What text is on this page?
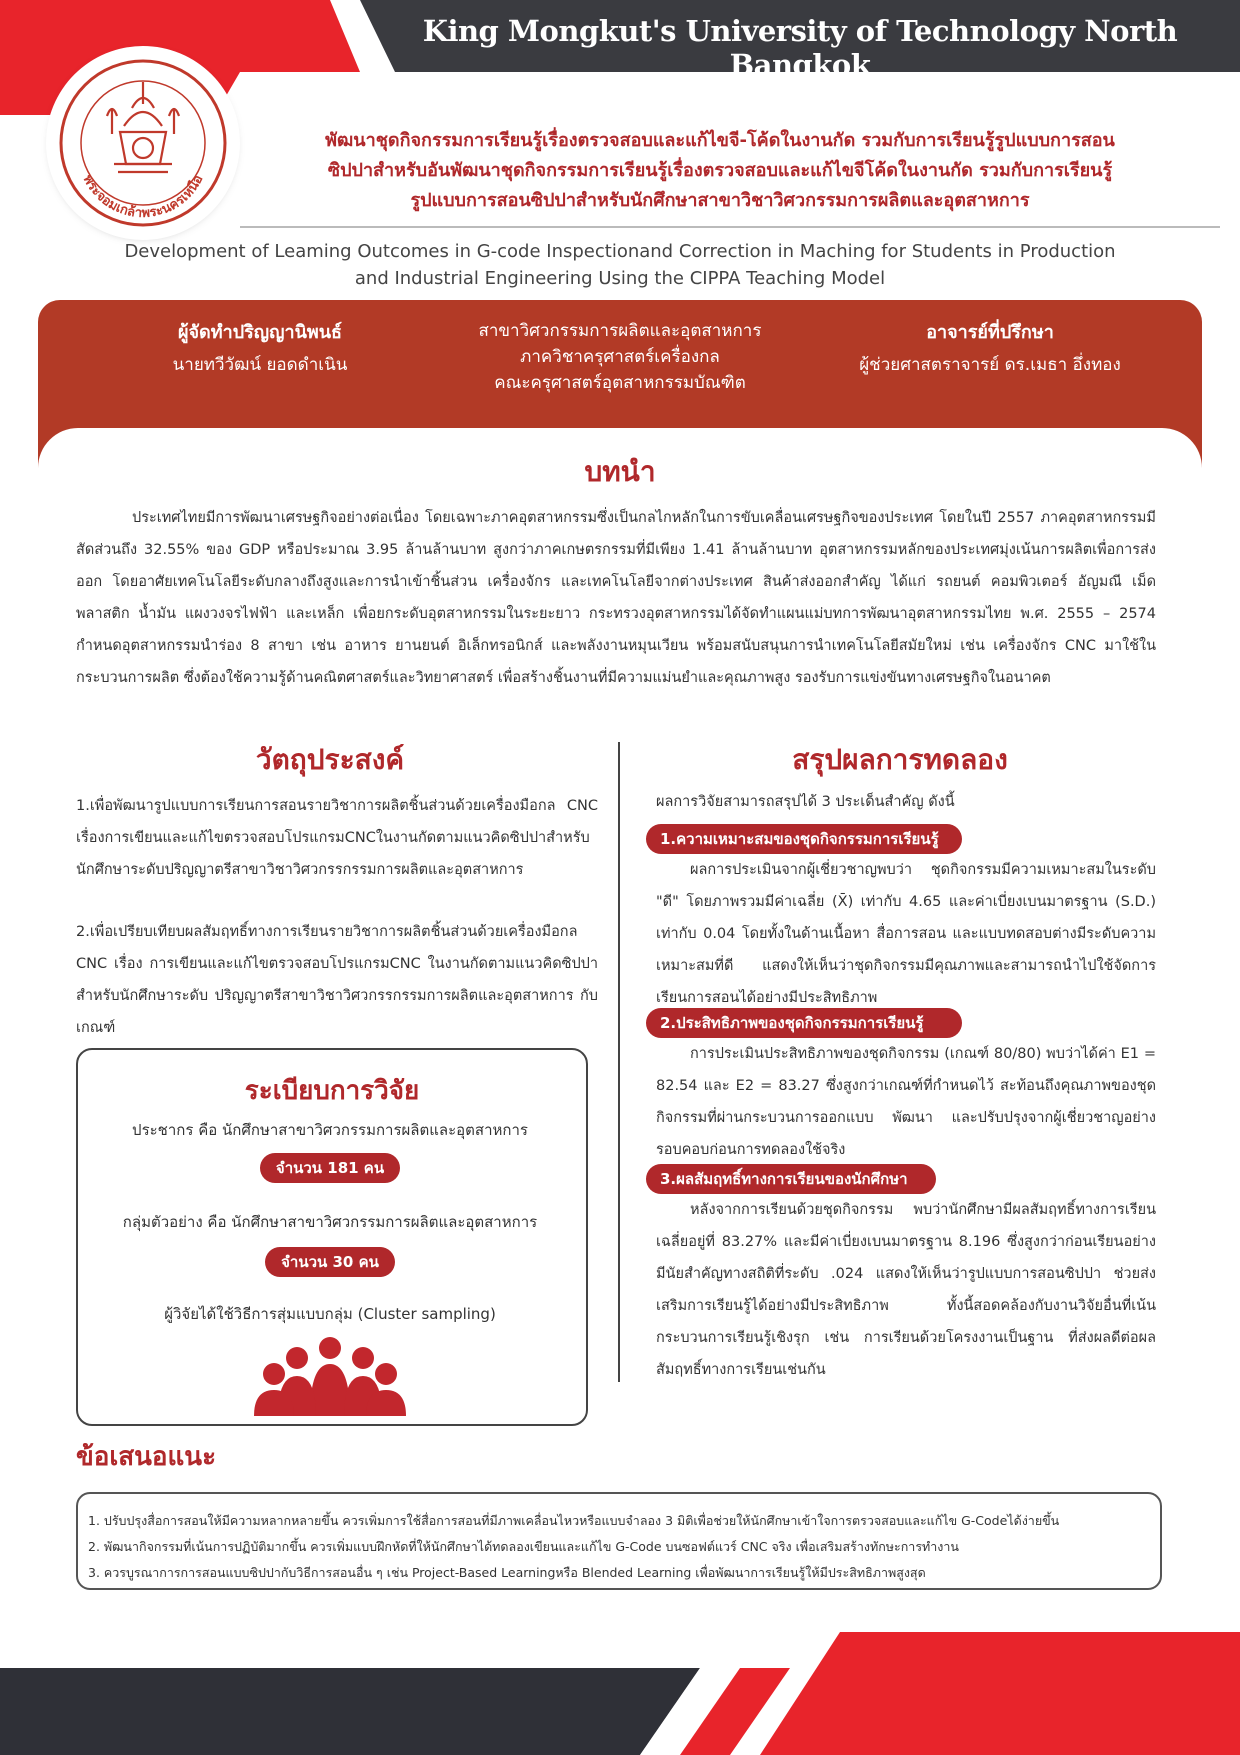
King Mongkut's University of Technology North Bangkok
พระจอมเกล้าพระนครเหนือ
พัฒนาชุดกิจกรรมการเรียนรู้เรื่องตรวจสอบและแก้ไขจี-โค้ดในงานกัด รวมกับการเรียนรู้รูปแบบการสอน
ซิปปาสำหรับอันพัฒนาชุดกิจกรรมการเรียนรู้เรื่องตรวจสอบและแก้ไขจีโค้ดในงานกัด รวมกับการเรียนรู้
รูปแบบการสอนซิปปาสำหรับนักศึกษาสาขาวิชาวิศวกรรมการผลิตและอุตสาหการ
Development of Leaming Outcomes in G-code Inspectionand Correction in Maching for Students in Production
and Industrial Engineering Using the CIPPA Teaching Model
ผู้จัดทำปริญญานิพนธ์
นายทวีวัฒน์ ยอดดำเนิน
สาขาวิศวกรรมการผลิตและอุตสาหการ
ภาควิชาครุศาสตร์เครื่องกล
คณะครุศาสตร์อุตสาหกรรมบัณฑิต
อาจารย์ที่ปรึกษา
ผู้ช่วยศาสตราจารย์ ดร.เมธา อึ่งทอง
บทนำ
ประเทศไทยมีการพัฒนาเศรษฐกิจอย่างต่อเนื่อง โดยเฉพาะภาคอุตสาหกรรมซึ่งเป็นกลไกหลักในการขับเคลื่อนเศรษฐกิจของประเทศ โดยในปี 2557 ภาคอุตสาหกรรมมีสัดส่วนถึง 32.55% ของ GDP หรือประมาณ 3.95 ล้านล้านบาท สูงกว่าภาคเกษตรกรรมที่มีเพียง 1.41 ล้านล้านบาท อุตสาหกรรมหลักของประเทศมุ่งเน้นการผลิตเพื่อการส่งออก โดยอาศัยเทคโนโลยีระดับกลางถึงสูงและการนำเข้าชิ้นส่วน เครื่องจักร และเทคโนโลยีจากต่างประเทศ สินค้าส่งออกสำคัญ ได้แก่ รถยนต์ คอมพิวเตอร์ อัญมณี เม็ดพลาสติก น้ำมัน แผงวงจรไฟฟ้า และเหล็ก เพื่อยกระดับอุตสาหกรรมในระยะยาว กระทรวงอุตสาหกรรมได้จัดทำแผนแม่บทการพัฒนาอุตสาหกรรมไทย พ.ศ. 2555 – 2574 กำหนดอุตสาหกรรมนำร่อง 8 สาขา เช่น อาหาร ยานยนต์ อิเล็กทรอนิกส์ และพลังงานหมุนเวียน พร้อมสนับสนุนการนำเทคโนโลยีสมัยใหม่ เช่น เครื่องจักร CNC มาใช้ในกระบวนการผลิต ซึ่งต้องใช้ความรู้ด้านคณิตศาสตร์และวิทยาศาสตร์ เพื่อสร้างชิ้นงานที่มีความแม่นยำและคุณภาพสูง รองรับการแข่งขันทางเศรษฐกิจในอนาคต
วัตถุประสงค์
1.เพื่อพัฒนารูปแบบการเรียนการสอนรายวิชาการผลิตชิ้นส่วนด้วยเครื่องมือกล CNC เรื่องการเขียนและแก้ไขตรวจสอบโปรแกรมCNCในงานกัดตามแนวคิดซิปปาสำหรับนักศึกษาระดับปริญญาตรีสาขาวิชาวิศวกรรกรรมการผลิตและอุตสาหการ
2.เพื่อเปรียบเทียบผลสัมฤทธิ์ทางการเรียนรายวิชาการผลิตชิ้นส่วนด้วยเครื่องมือกล CNC เรื่อง การเขียนและแก้ไขตรวจสอบโปรแกรมCNC ในงานกัดตามแนวคิดซิปปาสำหรับนักศึกษาระดับ ปริญญาตรีสาขาวิชาวิศวกรรกรรมการผลิตและอุตสาหการ กับเกณฑ์
ระเบียบการวิจัย
ประชากร คือ นักศึกษาสาขาวิศวกรรมการผลิตและอุตสาหการ
จำนวน 181 คน
กลุ่มตัวอย่าง คือ นักศึกษาสาขาวิศวกรรมการผลิตและอุตสาหการ
จำนวน 30 คน
ผู้วิจัยได้ใช้วิธีการสุ่มแบบกลุ่ม (Cluster sampling)
สรุปผลการทดลอง
ผลการวิจัยสามารถสรุปได้ 3 ประเด็นสำคัญ ดังนี้
1.ความเหมาะสมของชุดกิจกรรมการเรียนรู้
ผลการประเมินจากผู้เชี่ยวชาญพบว่า ชุดกิจกรรมมีความเหมาะสมในระดับ "ดี" โดยภาพรวมมีค่าเฉลี่ย (X̄) เท่ากับ 4.65 และค่าเบี่ยงเบนมาตรฐาน (S.D.) เท่ากับ 0.04 โดยทั้งในด้านเนื้อหา สื่อการสอน และแบบทดสอบต่างมีระดับความเหมาะสมที่ดี แสดงให้เห็นว่าชุดกิจกรรมมีคุณภาพและสามารถนำไปใช้จัดการเรียนการสอนได้อย่างมีประสิทธิภาพ
2.ประสิทธิภาพของชุดกิจกรรมการเรียนรู้
การประเมินประสิทธิภาพของชุดกิจกรรม (เกณฑ์ 80/80) พบว่าได้ค่า E1 = 82.54 และ E2 = 83.27 ซึ่งสูงกว่าเกณฑ์ที่กำหนดไว้ สะท้อนถึงคุณภาพของชุดกิจกรรมที่ผ่านกระบวนการออกแบบ พัฒนา และปรับปรุงจากผู้เชี่ยวชาญอย่างรอบคอบก่อนการทดลองใช้จริง
3.ผลสัมฤทธิ์ทางการเรียนของนักศึกษา
หลังจากการเรียนด้วยชุดกิจกรรม พบว่านักศึกษามีผลสัมฤทธิ์ทางการเรียนเฉลี่ยอยู่ที่ 83.27% และมีค่าเบี่ยงเบนมาตรฐาน 8.196 ซึ่งสูงกว่าก่อนเรียนอย่างมีนัยสำคัญทางสถิติที่ระดับ .024 แสดงให้เห็นว่ารูปแบบการสอนซิปปา ช่วยส่งเสริมการเรียนรู้ได้อย่างมีประสิทธิภาพ ทั้งนี้สอดคล้องกับงานวิจัยอื่นที่เน้นกระบวนการเรียนรู้เชิงรุก เช่น การเรียนด้วยโครงงานเป็นฐาน ที่ส่งผลดีต่อผลสัมฤทธิ์ทางการเรียนเช่นกัน
ข้อเสนอแนะ
1. ปรับปรุงสื่อการสอนให้มีความหลากหลายขึ้น ควรเพิ่มการใช้สื่อการสอนที่มีภาพเคลื่อนไหวหรือแบบจำลอง 3 มิติเพื่อช่วยให้นักศึกษาเข้าใจการตรวจสอบและแก้ไข G-Codeได้ง่ายขึ้น
2. พัฒนากิจกรรมที่เน้นการปฏิบัติมากขึ้น ควรเพิ่มแบบฝึกหัดที่ให้นักศึกษาได้ทดลองเขียนและแก้ไข G-Code บนซอฟต์แวร์ CNC จริง เพื่อเสริมสร้างทักษะการทำงาน
3. ควรบูรณาการการสอนแบบซิปปากับวิธีการสอนอื่น ๆ เช่น Project-Based Learningหรือ Blended Learning เพื่อพัฒนาการเรียนรู้ให้มีประสิทธิภาพสูงสุด
